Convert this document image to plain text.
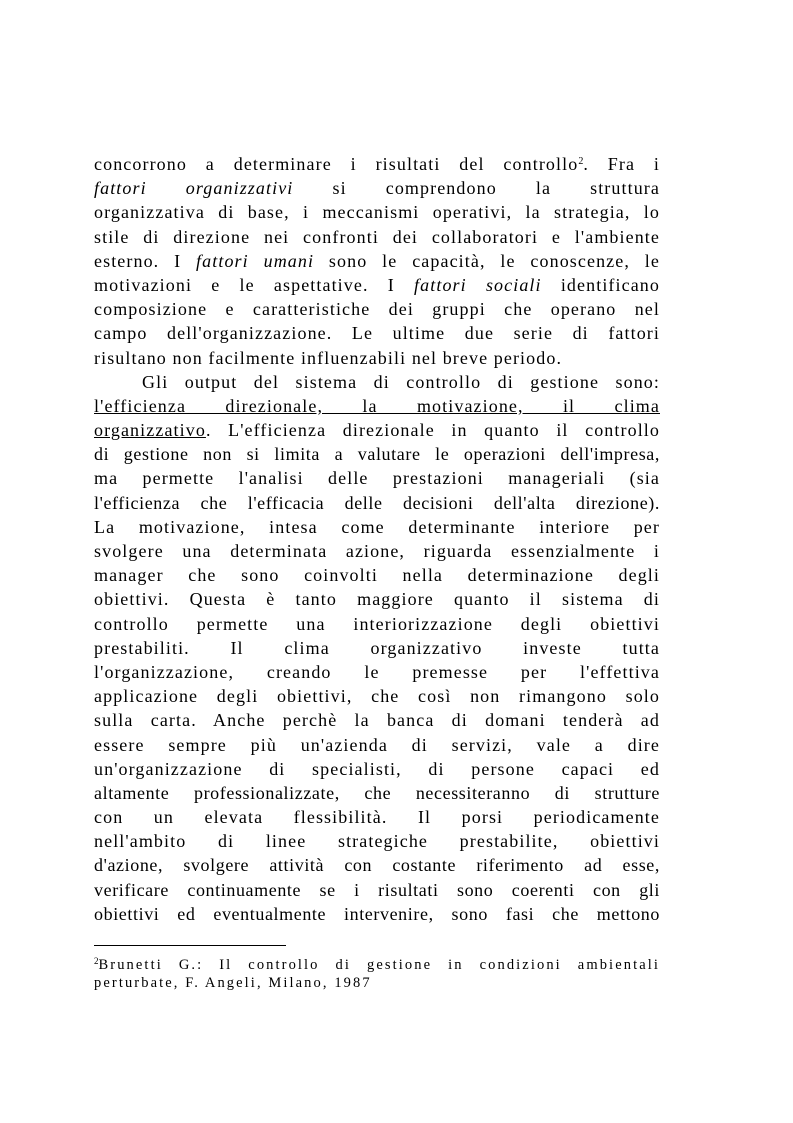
concorrono a determinare i risultati del controllo$^2$. Fra i
fattori organizzativi si comprendono la struttura
organizzativa di base, i meccanismi operativi, la strategia, lo
stile di direzione nei confronti dei collaboratori e l'ambiente
esterno. I fattori umani sono le capacità, le conoscenze, le
motivazioni e le aspettative. I fattori sociali identificano
composizione e caratteristiche dei gruppi che operano nel
campo dell'organizzazione. Le ultime due serie di fattori
risultano non facilmente influenzabili nel breve periodo.
Gli output del sistema di controllo di gestione sono:
l'efficienza direzionale, la motivazione, il clima
organizzativo. L'efficienza direzionale in quanto il controllo
di gestione non si limita a valutare le operazioni dell'impresa,
ma permette l'analisi delle prestazioni manageriali (sia
l'efficienza che l'efficacia delle decisioni dell'alta direzione).
La motivazione, intesa come determinante interiore per
svolgere una determinata azione, riguarda essenzialmente i
manager che sono coinvolti nella determinazione degli
obiettivi. Questa è tanto maggiore quanto il sistema di
controllo permette una interiorizzazione degli obiettivi
prestabiliti. Il clima organizzativo investe tutta
l'organizzazione, creando le premesse per l'effettiva
applicazione degli obiettivi, che così non rimangono solo
sulla carta. Anche perchè la banca di domani tenderà ad
essere sempre più un'azienda di servizi, vale a dire
un'organizzazione di specialisti, di persone capaci ed
altamente professionalizzate, che necessiteranno di strutture
con un elevata flessibilità. Il porsi periodicamente
nell'ambito di linee strategiche prestabilite, obiettivi
d'azione, svolgere attività con costante riferimento ad esse,
verificare continuamente se i risultati sono coerenti con gli
obiettivi ed eventualmente intervenire, sono fasi che mettono
$^2$Brunetti G.: Il controllo di gestione in condizioni ambientali
perturbate, F. Angeli, Milano, 1987
